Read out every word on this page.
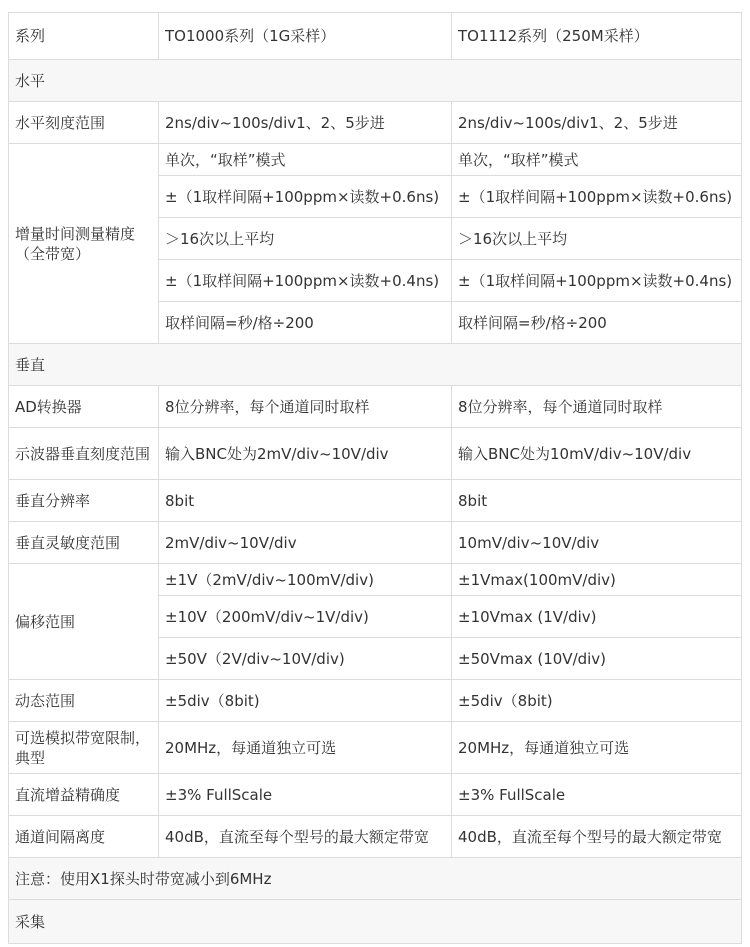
系列	TO1000系列（1G采样）	TO1112系列（250M采样）
水平		
水平刻度范围	2ns/div~100s/div1、2、5步进	2ns/div~100s/div1、2、5步进
增量时间测量精度（全带宽）	单次，“取样”模式	单次，“取样”模式
	±（1取样间隔+100ppm×读数+0.6ns)	±（1取样间隔+100ppm×读数+0.6ns)
	＞16次以上平均	＞16次以上平均
	±（1取样间隔+100ppm×读数+0.4ns)	±（1取样间隔+100ppm×读数+0.4ns)
	取样间隔=秒/格÷200	取样间隔=秒/格÷200
垂直		
AD转换器	8位分辨率，每个通道同时取样	8位分辨率，每个通道同时取样
示波器垂直刻度范围	输入BNC处为2mV/div~10V/div	输入BNC处为10mV/div~10V/div
垂直分辨率	8bit	8bit
垂直灵敏度范围	2mV/div~10V/div	10mV/div~10V/div
偏移范围	±1V（2mV/div~100mV/div)	±1Vmax(100mV/div)
	±10V（200mV/div~1V/div)	±10Vmax (1V/div)
	±50V（2V/div~10V/div)	±50Vmax (10V/div)
动态范围	±5div（8bit)	±5div（8bit)
可选模拟带宽限制，典型	20MHz，每通道独立可选	20MHz，每通道独立可选
直流增益精确度	±3% FullScale	±3% FullScale
通道间隔离度	40dB，直流至每个型号的最大额定带宽	40dB，直流至每个型号的最大额定带宽
注意：使用X1探头时带宽减小到6MHz		
采集		
